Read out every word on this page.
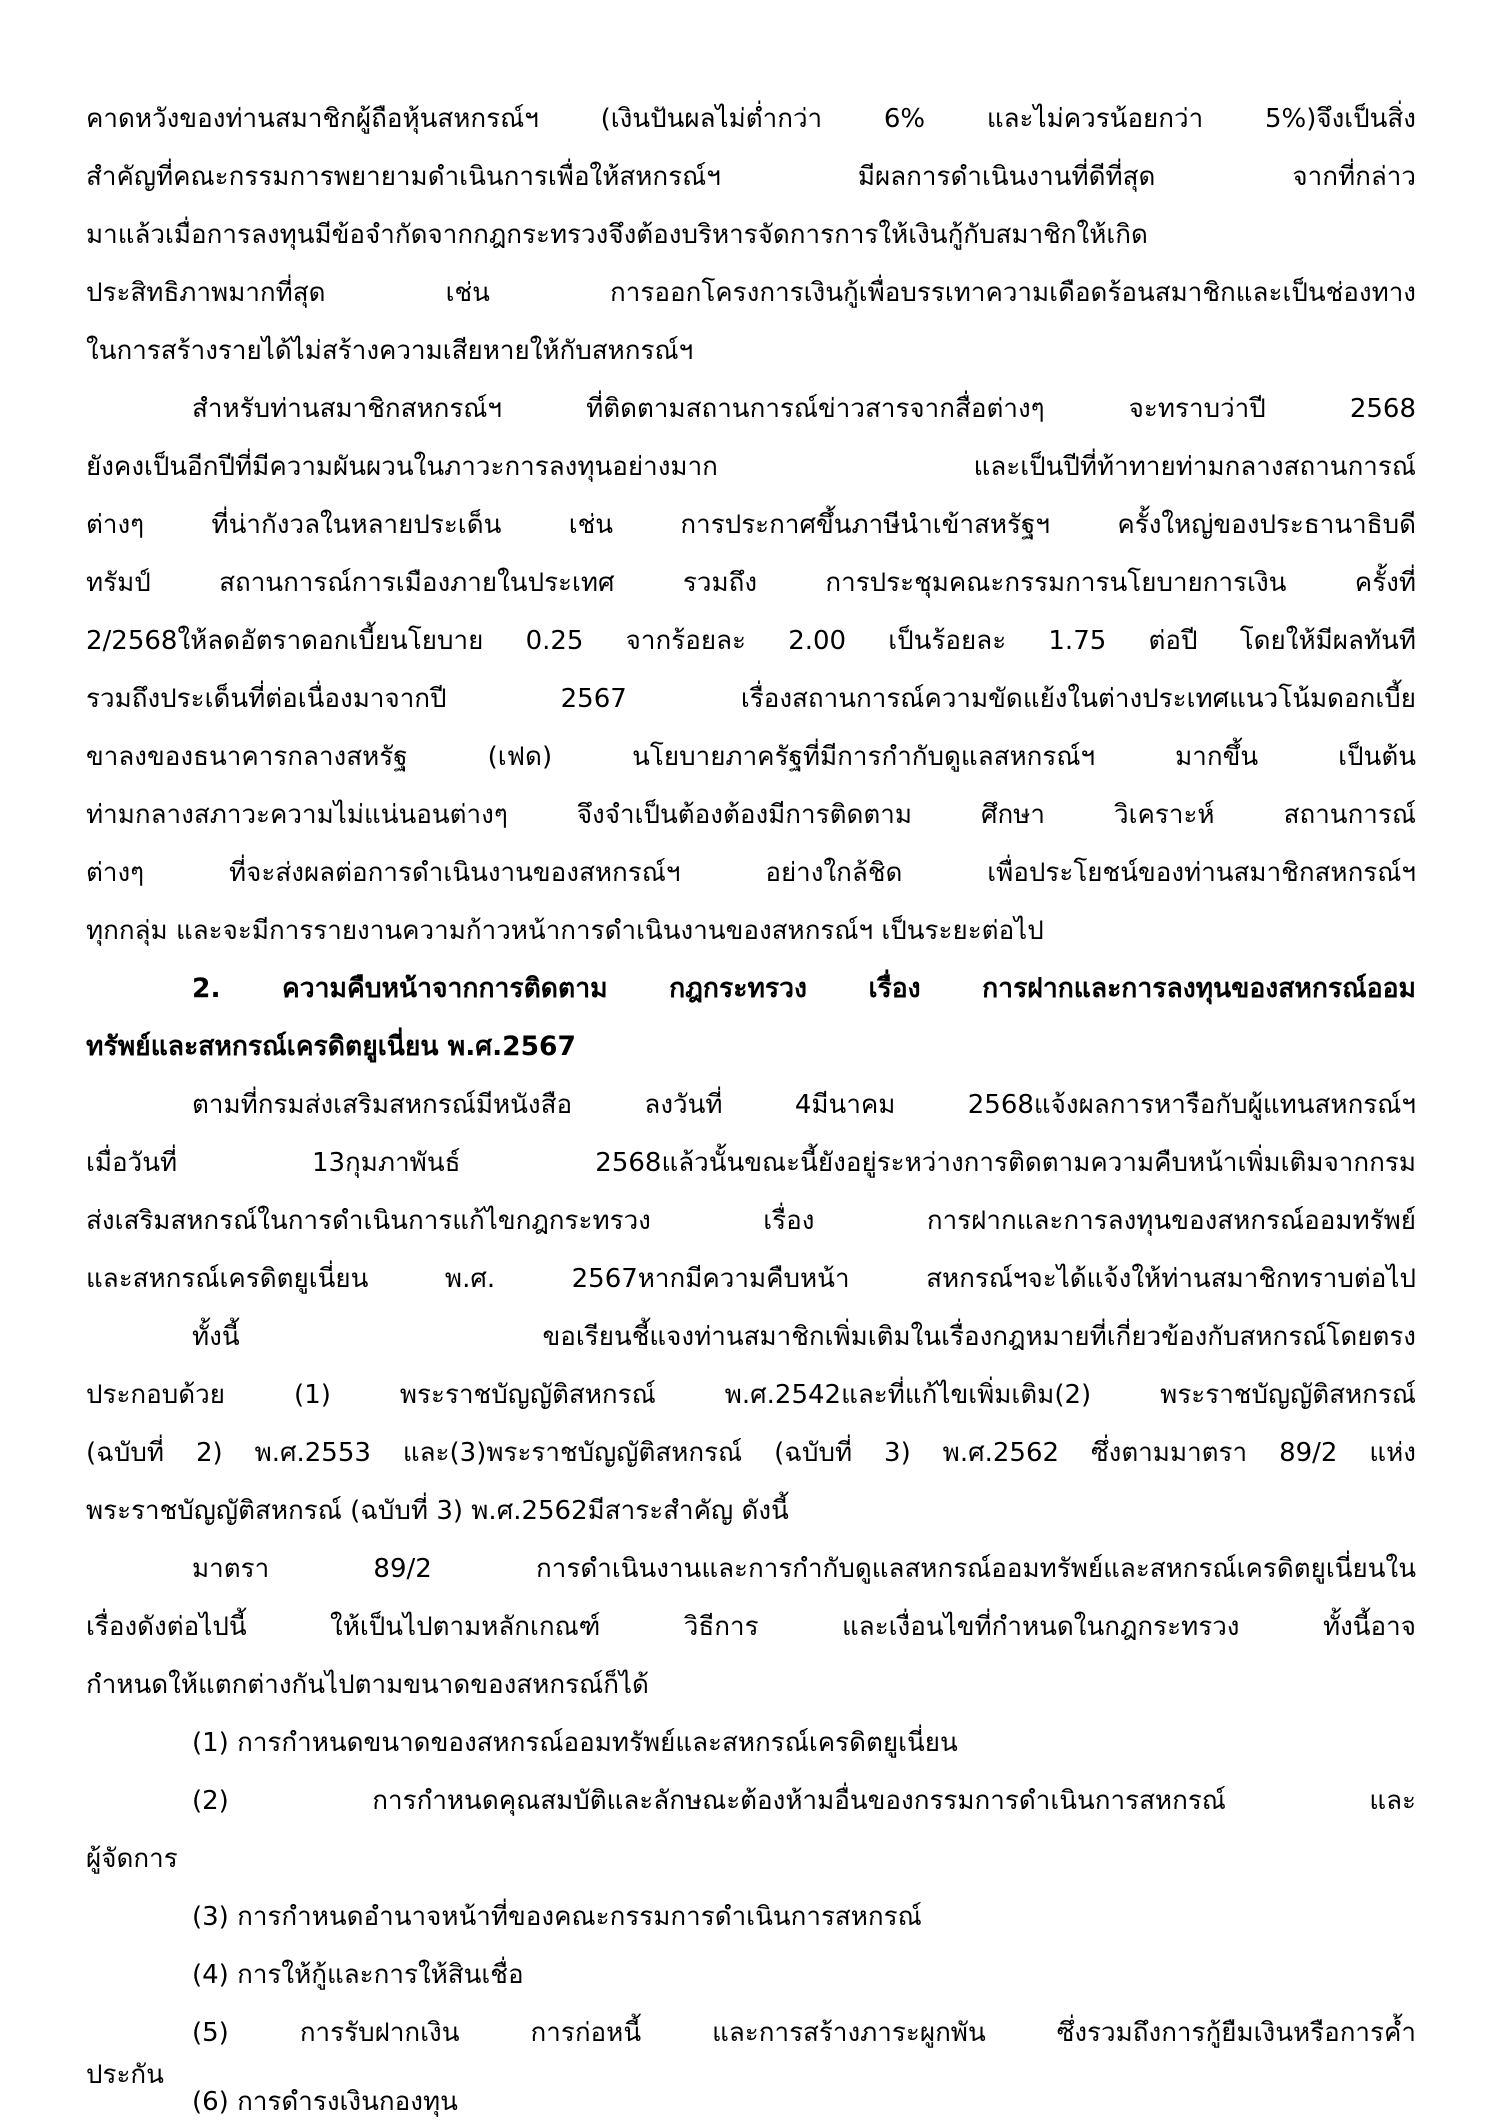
คาดหวังของท่านสมาชิกผู้ถือหุ้นสหกรณ์ฯ (เงินปันผลไม่ต่ำกว่า 6% และไม่ควรน้อยกว่า 5%)จึงเป็นสิ่ง
สำคัญที่คณะกรรมการพยายามดำเนินการเพื่อให้สหกรณ์ฯ มีผลการดำเนินงานที่ดีที่สุด จากที่กล่าว
มาแล้วเมื่อการลงทุนมีข้อจำกัดจากกฎกระทรวงจึงต้องบริหารจัดการการให้เงินกู้กับสมาชิกให้เกิด
ประสิทธิภาพมากที่สุด เช่น การออกโครงการเงินกู้เพื่อบรรเทาความเดือดร้อนสมาชิกและเป็นช่องทาง
ในการสร้างรายได้ไม่สร้างความเสียหายให้กับสหกรณ์ฯ
สำหรับท่านสมาชิกสหกรณ์ฯ ที่ติดตามสถานการณ์ข่าวสารจากสื่อต่างๆ จะทราบว่าปี 2568
ยังคงเป็นอีกปีที่มีความผันผวนในภาวะการลงทุนอย่างมาก และเป็นปีที่ท้าทายท่ามกลางสถานการณ์
ต่างๆ ที่น่ากังวลในหลายประเด็น เช่น การประกาศขึ้นภาษีนำเข้าสหรัฐฯ ครั้งใหญ่ของประธานาธิบดี
ทรัมป์ สถานการณ์การเมืองภายในประเทศ รวมถึง การประชุมคณะกรรมการนโยบายการเงิน ครั้งที่
2/2568ให้ลดอัตราดอกเบี้ยนโยบาย 0.25 จากร้อยละ 2.00 เป็นร้อยละ 1.75 ต่อปี โดยให้มีผลทันที
รวมถึงประเด็นที่ต่อเนื่องมาจากปี 2567 เรื่องสถานการณ์ความขัดแย้งในต่างประเทศแนวโน้มดอกเบี้ย
ขาลงของธนาคารกลางสหรัฐ (เฟด) นโยบายภาครัฐที่มีการกำกับดูแลสหกรณ์ฯ มากขึ้น เป็นต้น
ท่ามกลางสภาวะความไม่แน่นอนต่างๆ จึงจำเป็นต้องต้องมีการติดตาม ศึกษา วิเคราะห์ สถานการณ์
ต่างๆ ที่จะส่งผลต่อการดำเนินงานของสหกรณ์ฯ อย่างใกล้ชิด เพื่อประโยชน์ของท่านสมาชิกสหกรณ์ฯ
ทุกกลุ่ม และจะมีการรายงานความก้าวหน้าการดำเนินงานของสหกรณ์ฯ เป็นระยะต่อไป
2. ความคืบหน้าจากการติดตาม กฎกระทรวง เรื่อง การฝากและการลงทุนของสหกรณ์ออม
ทรัพย์และสหกรณ์เครดิตยูเนี่ยน พ.ศ.2567
ตามที่กรมส่งเสริมสหกรณ์มีหนังสือ ลงวันที่ 4มีนาคม 2568แจ้งผลการหารือกับผู้แทนสหกรณ์ฯ
เมื่อวันที่ 13กุมภาพันธ์ 2568แล้วนั้นขณะนี้ยังอยู่ระหว่างการติดตามความคืบหน้าเพิ่มเติมจากกรม
ส่งเสริมสหกรณ์ในการดำเนินการแก้ไขกฎกระทรวง เรื่อง การฝากและการลงทุนของสหกรณ์ออมทรัพย์
และสหกรณ์เครดิตยูเนี่ยน พ.ศ. 2567หากมีความคืบหน้า สหกรณ์ฯจะได้แจ้งให้ท่านสมาชิกทราบต่อไป
ทั้งนี้ ขอเรียนชี้แจงท่านสมาชิกเพิ่มเติมในเรื่องกฎหมายที่เกี่ยวข้องกับสหกรณ์โดยตรง
ประกอบด้วย (1) พระราชบัญญัติสหกรณ์ พ.ศ.2542และที่แก้ไขเพิ่มเติม(2) พระราชบัญญัติสหกรณ์
(ฉบับที่ 2) พ.ศ.2553 และ(3)พระราชบัญญัติสหกรณ์ (ฉบับที่ 3) พ.ศ.2562 ซึ่งตามมาตรา 89/2 แห่ง
พระราชบัญญัติสหกรณ์ (ฉบับที่ 3) พ.ศ.2562มีสาระสำคัญ ดังนี้
มาตรา 89/2 การดำเนินงานและการกำกับดูแลสหกรณ์ออมทรัพย์และสหกรณ์เครดิตยูเนี่ยนใน
เรื่องดังต่อไปนี้ ให้เป็นไปตามหลักเกณฑ์ วิธีการ และเงื่อนไขที่กำหนดในกฎกระทรวง ทั้งนี้อาจ
กำหนดให้แตกต่างกันไปตามขนาดของสหกรณ์ก็ได้
(1) การกำหนดขนาดของสหกรณ์ออมทรัพย์และสหกรณ์เครดิตยูเนี่ยน
(2) การกำหนดคุณสมบัติและลักษณะต้องห้ามอื่นของกรรมการดำเนินการสหกรณ์ และ
ผู้จัดการ
(3) การกำหนดอำนาจหน้าที่ของคณะกรรมการดำเนินการสหกรณ์
(4) การให้กู้และการให้สินเชื่อ
(5) การรับฝากเงิน การก่อหนี้ และการสร้างภาระผูกพัน ซึ่งรวมถึงการกู้ยืมเงินหรือการค้ำ
ประกัน
(6) การดำรงเงินกองทุน
